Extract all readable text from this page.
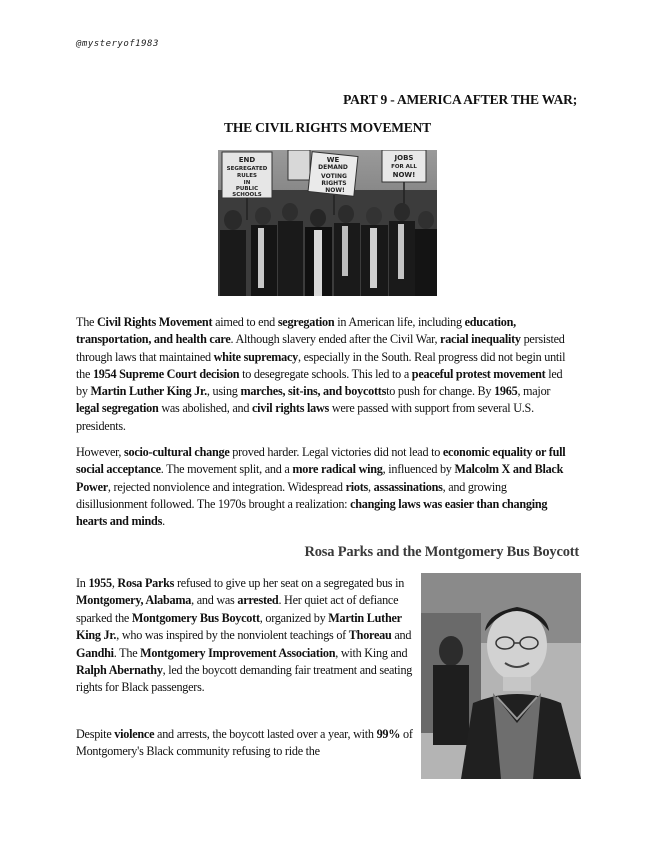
@mysteryof1983
PART 9 - AMERICA AFTER THE WAR;
THE CIVIL RIGHTS MOVEMENT
END
SEGREGATED
RULES
IN
PUBLIC
SCHOOLS
WE
DEMAND
VOTING
RIGHTS
NOW!
JOBS
FOR ALL
NOW!

The Civil Rights Movement aimed to end segregation in American life, including education, transportation, and health care. Although slavery ended after the Civil War, racial inequality persisted through laws that maintained white supremacy, especially in the South. Real progress did not begin until the 1954 Supreme Court decision to desegregate schools. This led to a peaceful protest movement led by Martin Luther King Jr., using marches, sit-ins, and boycottsto push for change. By 1965, major legal segregation was abolished, and civil rights laws were passed with support from several U.S. presidents.

However, socio-cultural change proved harder. Legal victories did not lead to economic equality or full social acceptance. The movement split, and a more radical wing, influenced by Malcolm X and Black Power, rejected nonviolence and integration. Widespread riots, assassinations, and growing disillusionment followed. The 1970s brought a realization: changing laws was easier than changing hearts and minds.

Rosa Parks and the Montgomery Bus Boycott

In 1955, Rosa Parks refused to give up her seat on a segregated bus in Montgomery, Alabama, and was arrested. Her quiet act of defiance sparked the Montgomery Bus Boycott, organized by Martin Luther King Jr., who was inspired by the nonviolent teachings of Thoreau and Gandhi. The Montgomery Improvement Association, with King and Ralph Abernathy, led the boycott demanding fair treatment and seating rights for Black passengers.

Despite violence and arrests, the boycott lasted over a year, with 99% of Montgomery's Black community refusing to ride the
